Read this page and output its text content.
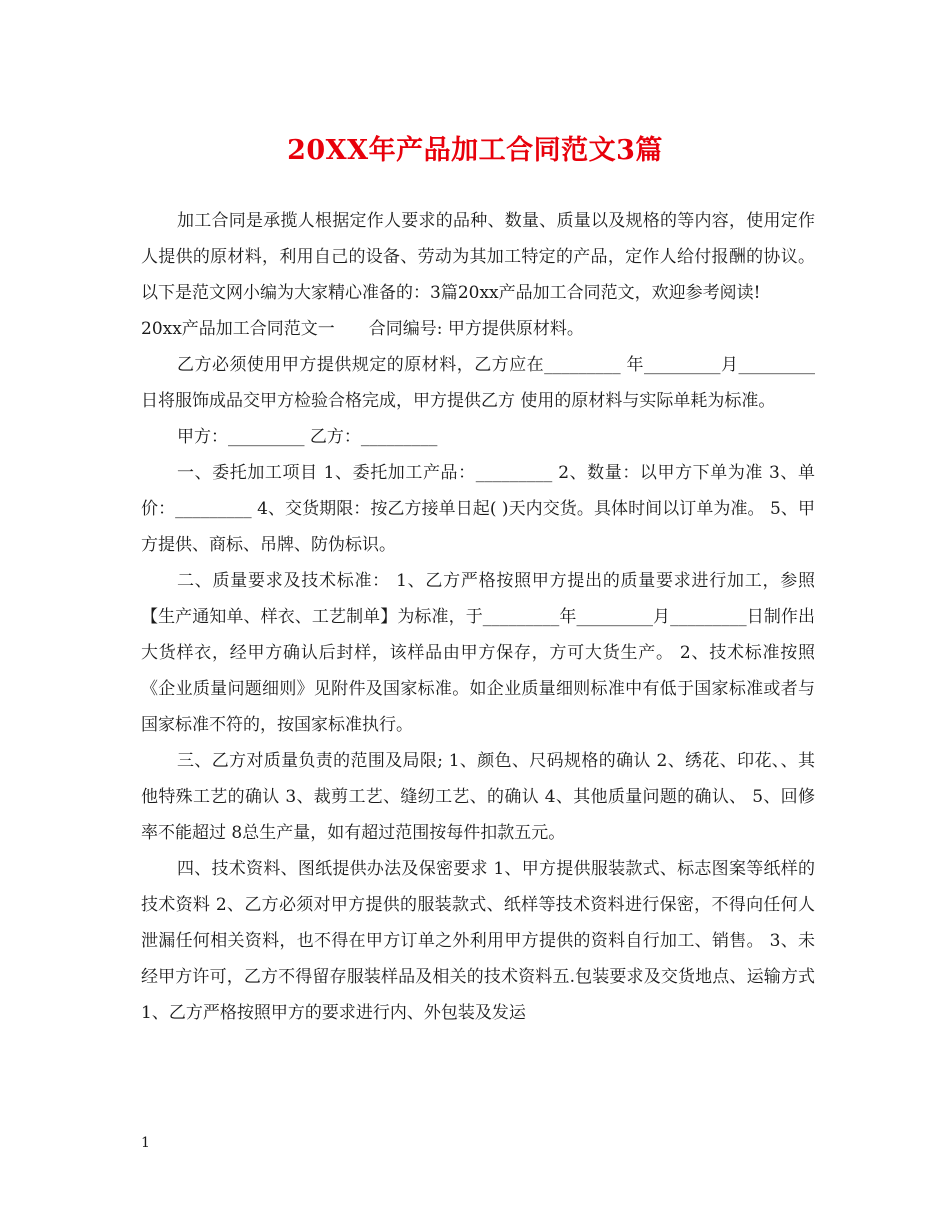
20XX年产品加工合同范文3篇

加工合同是承揽人根据定作人要求的品种、数量、质量以及规格的等内容，使用定作人提供的原材料，利用自己的设备、劳动为其加工特定的产品，定作人给付报酬的协议。以下是范文网小编为大家精心准备的：3篇20xx产品加工合同范文，欢迎参考阅读!

20xx产品加工合同范文一　　合同编号: 甲方提供原材料。

乙方必须使用甲方提供规定的原材料，乙方应在_________ 年_________月_________日将服饰成品交甲方检验合格完成，甲方提供乙方 使用的原材料与实际单耗为标准。

甲方：_________ 乙方：_________

一、委托加工项目 1、委托加工产品：_________ 2、数量：以甲方下单为准 3、单价：_________ 4、交货期限：按乙方接单日起( )天内交货。具体时间以订单为准。 5、甲方提供、商标、吊牌、防伪标识。

二、质量要求及技术标准： 1、乙方严格按照甲方提出的质量要求进行加工，参照【生产通知单、样衣、工艺制单】为标准，于_________年_________月_________日制作出大货样衣，经甲方确认后封样，该样品由甲方保存，方可大货生产。 2、技术标准按照《企业质量问题细则》见附件及国家标准。如企业质量细则标准中有低于国家标准或者与国家标准不符的，按国家标准执行。

三、乙方对质量负责的范围及局限; 1、颜色、尺码规格的确认 2、绣花、印花、、其他特殊工艺的确认 3、裁剪工艺、缝纫工艺、的确认 4、其他质量问题的确认、 5、回修率不能超过 8总生产量，如有超过范围按每件扣款五元。

四、技术资料、图纸提供办法及保密要求 1、甲方提供服装款式、标志图案等纸样的技术资料 2、乙方必须对甲方提供的服装款式、纸样等技术资料进行保密，不得向任何人泄漏任何相关资料，也不得在甲方订单之外利用甲方提供的资料自行加工、销售。 3、未经甲方许可，乙方不得留存服装样品及相关的技术资料五.包装要求及交货地点、运输方式 1、乙方严格按照甲方的要求进行内、外包装及发运

1
